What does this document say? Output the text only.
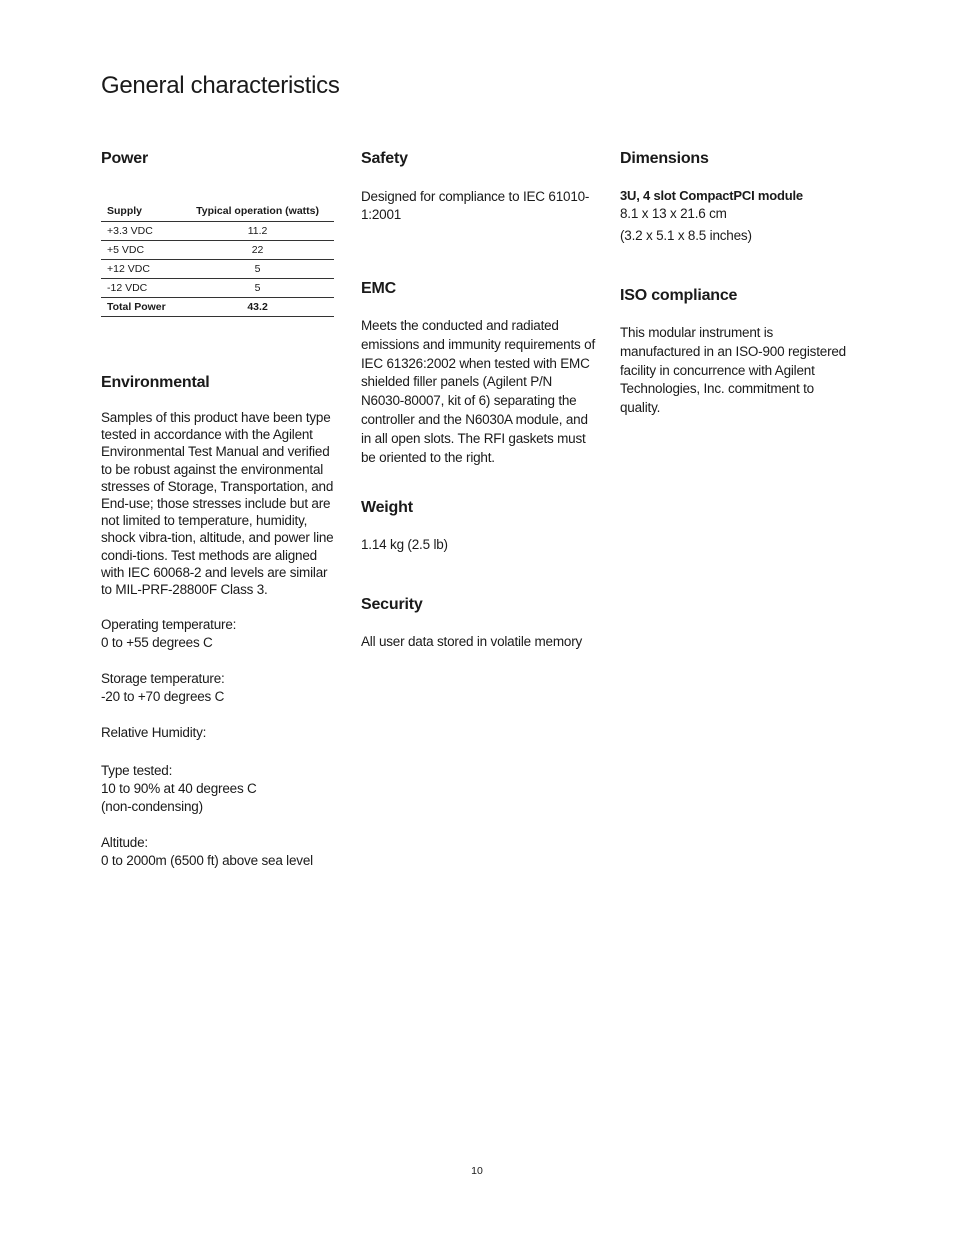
General characteristics
Power
Supply	Typical operation (watts)
+3.3 VDC	11.2
+5 VDC	22
+12 VDC	5
-12 VDC	5
Total Power	43.2
Environmental

Samples of this product have been type tested in accordance with the Agilent Environmental Test Manual and verified to be robust against the environmental stresses of Storage, Transportation, and End-use; those stresses include but are not limited to temperature, humidity, shock vibra-tion, altitude, and power line condi-tions. Test methods are aligned with IEC 60068-2 and levels are similar to MIL-PRF-28800F Class 3.

Operating temperature:

0 to +55 degrees C

Storage temperature:

-20 to +70 degrees C

Relative Humidity:

Type tested:

10 to 90% at 40 degrees C

(non-condensing)

Altitude:

0 to 2000m (6500 ft) above sea level

Safety

Designed for compliance to IEC 61010-1:2001

EMC

Meets the conducted and radiated emissions and immunity requirements of IEC 61326:2002 when tested with EMC shielded filler panels (Agilent P/N N6030-80007, kit of 6) separating the controller and the N6030A module, and in all open slots. The RFI gaskets must be oriented to the right.

Weight

1.14 kg (2.5 lb)

Security

All user data stored in volatile memory

Dimensions

3U, 4 slot CompactPCI module

8.1 x 13 x 21.6 cm

(3.2 x 5.1 x 8.5 inches)

ISO compliance

This modular instrument is manufactured in an ISO-900 registered facility in concurrence with Agilent Technologies, Inc. commitment to quality.

10
